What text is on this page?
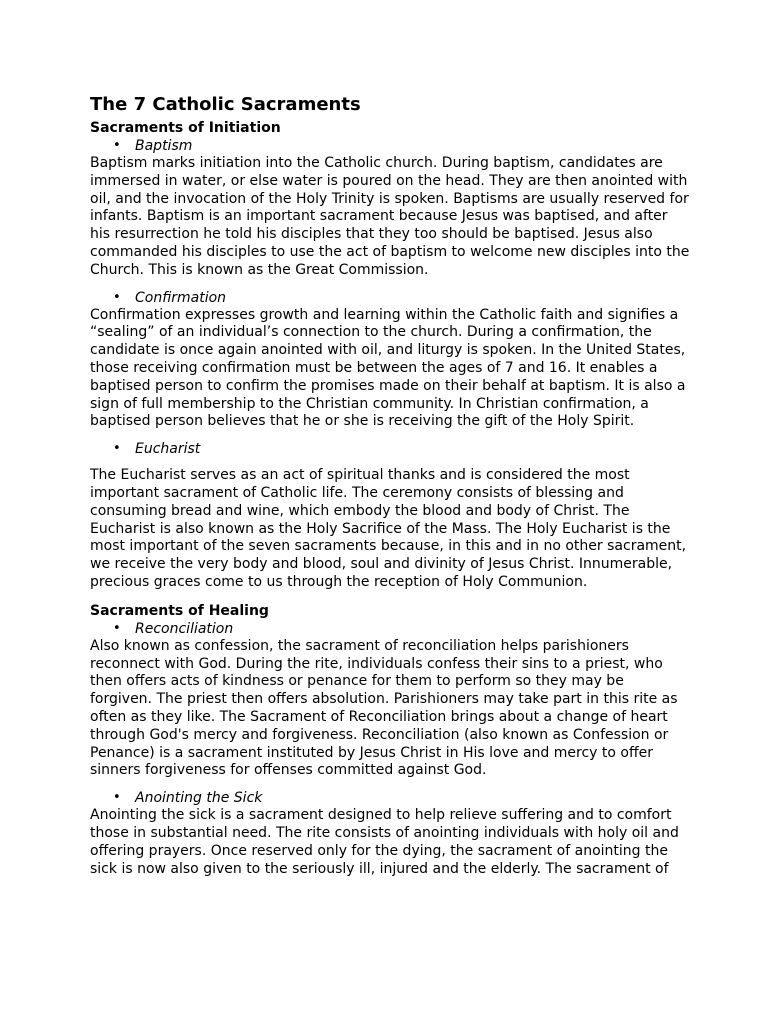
The 7 Catholic Sacraments
Sacraments of Initiation
• Baptism

Baptism marks initiation into the Catholic church. During baptism, candidates are immersed in water, or else water is poured on the head. They are then anointed with oil, and the invocation of the Holy Trinity is spoken. Baptisms are usually reserved for infants. Baptism is an important sacrament because Jesus was baptised, and after his resurrection he told his disciples that they too should be baptised. Jesus also commanded his disciples to use the act of baptism to welcome new disciples into the Church. This is known as the Great Commission.

• Confirmation

Confirmation expresses growth and learning within the Catholic faith and signifies a “sealing” of an individual’s connection to the church. During a confirmation, the candidate is once again anointed with oil, and liturgy is spoken. In the United States, those receiving confirmation must be between the ages of 7 and 16. It enables a baptised person to confirm the promises made on their behalf at baptism. It is also a sign of full membership to the Christian community. In Christian confirmation, a baptised person believes that he or she is receiving the gift of the Holy Spirit.

• Eucharist

The Eucharist serves as an act of spiritual thanks and is considered the most important sacrament of Catholic life. The ceremony consists of blessing and consuming bread and wine, which embody the blood and body of Christ. The Eucharist is also known as the Holy Sacrifice of the Mass. The Holy Eucharist is the most important of the seven sacraments because, in this and in no other sacrament, we receive the very body and blood, soul and divinity of Jesus Christ. Innumerable, precious graces come to us through the reception of Holy Communion.

Sacraments of Healing
• Reconciliation

Also known as confession, the sacrament of reconciliation helps parishioners reconnect with God. During the rite, individuals confess their sins to a priest, who then offers acts of kindness or penance for them to perform so they may be forgiven. The priest then offers absolution. Parishioners may take part in this rite as often as they like. The Sacrament of Reconciliation brings about a change of heart through God's mercy and forgiveness. Reconciliation (also known as Confession or Penance) is a sacrament instituted by Jesus Christ in His love and mercy to offer sinners forgiveness for offenses committed against God.

• Anointing the Sick

Anointing the sick is a sacrament designed to help relieve suffering and to comfort those in substantial need. The rite consists of anointing individuals with holy oil and offering prayers. Once reserved only for the dying, the sacrament of anointing the sick is now also given to the seriously ill, injured and the elderly. The sacrament of
